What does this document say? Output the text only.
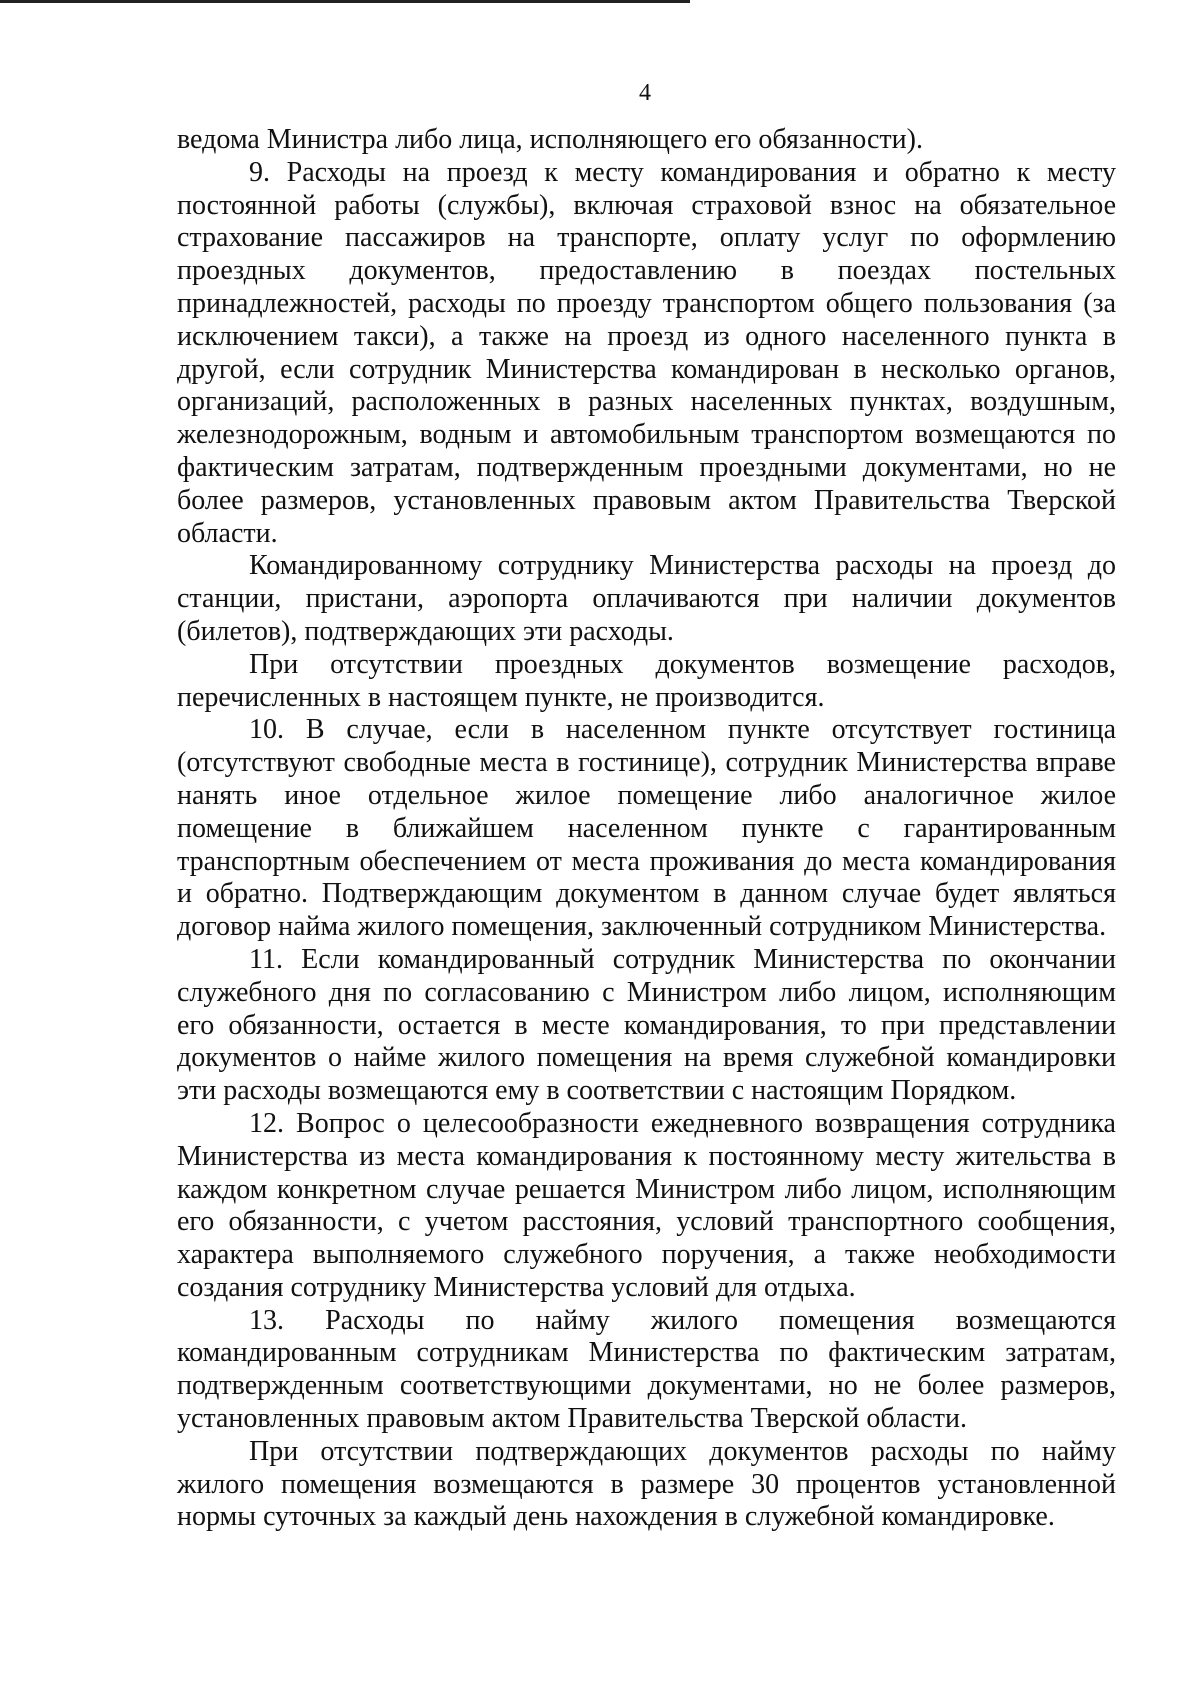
4

ведома Министра либо лица, исполняющего его обязанности).

9. Расходы на проезд к месту командирования и обратно к месту постоянной работы (службы), включая страховой взнос на обязательное страхование пассажиров на транспорте, оплату услуг по оформлению проездных документов, предоставлению в поездах постельных принадлежностей, расходы по проезду транспортом общего пользования (за исключением такси), а также на проезд из одного населенного пункта в другой, если сотрудник Министерства командирован в несколько органов, организаций, расположенных в разных населенных пунктах, воздушным, железнодорожным, водным и автомобильным транспортом возмещаются по фактическим затратам, подтвержденным проездными документами, но не более размеров, установленных правовым актом Правительства Тверской области.

Командированному сотруднику Министерства расходы на проезд до станции, пристани, аэропорта оплачиваются при наличии документов (билетов), подтверждающих эти расходы.

При отсутствии проездных документов возмещение расходов, перечисленных в настоящем пункте, не производится.

10. В случае, если в населенном пункте отсутствует гостиница (отсутствуют свободные места в гостинице), сотрудник Министерства вправе нанять иное отдельное жилое помещение либо аналогичное жилое помещение в ближайшем населенном пункте с гарантированным транспортным обеспечением от места проживания до места командирования и обратно. Подтверждающим документом в данном случае будет являться договор найма жилого помещения, заключенный сотрудником Министерства.

11. Если командированный сотрудник Министерства по окончании служебного дня по согласованию с Министром либо лицом, исполняющим его обязанности, остается в месте командирования, то при представлении документов о найме жилого помещения на время служебной командировки эти расходы возмещаются ему в соответствии с настоящим Порядком.

12. Вопрос о целесообразности ежедневного возвращения сотрудника Министерства из места командирования к постоянному месту жительства в каждом конкретном случае решается Министром либо лицом, исполняющим его обязанности, с учетом расстояния, условий транспортного сообщения, характера выполняемого служебного поручения, а также необходимости создания сотруднику Министерства условий для отдыха.

13. Расходы по найму жилого помещения возмещаются командированным сотрудникам Министерства по фактическим затратам, подтвержденным соответствующими документами, но не более размеров, установленных правовым актом Правительства Тверской области.

При отсутствии подтверждающих документов расходы по найму жилого помещения возмещаются в размере 30 процентов установленной нормы суточных за каждый день нахождения в служебной командировке.
